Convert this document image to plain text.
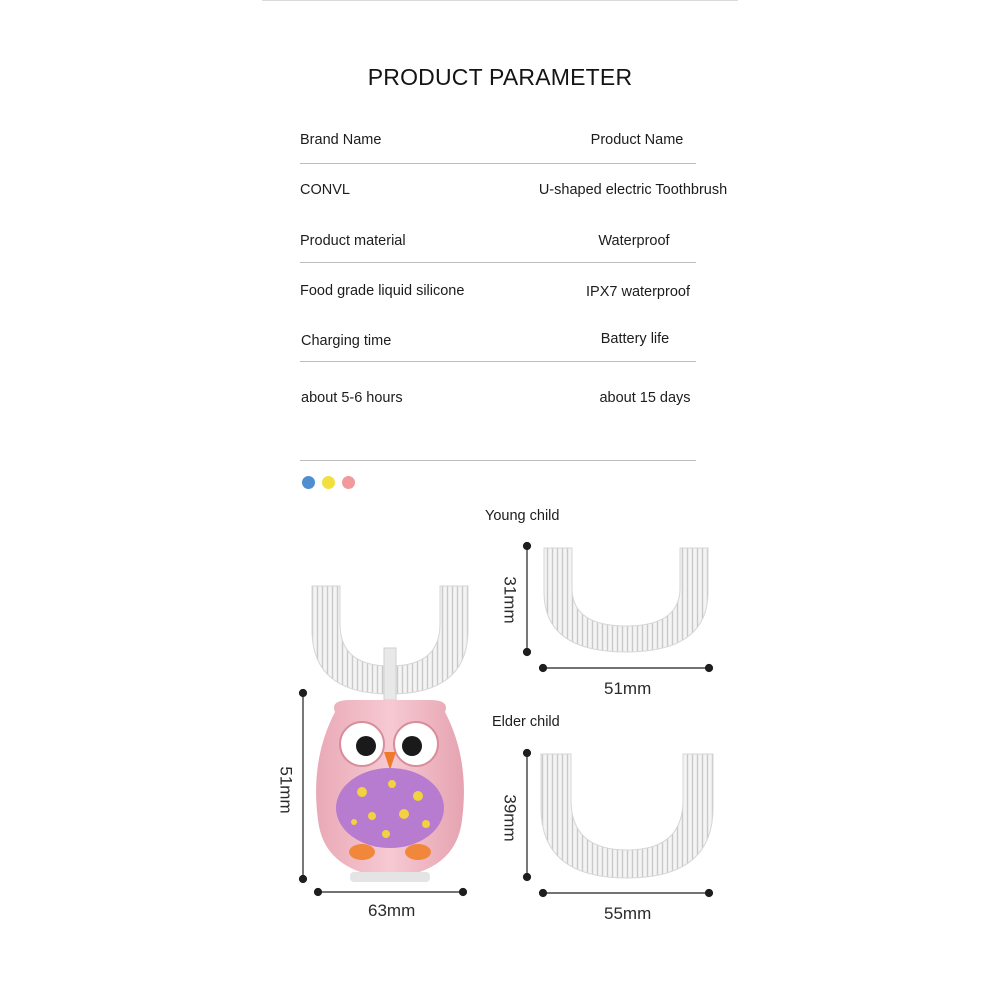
PRODUCT PARAMETER
Brand Name	Product Name
CONVL	U-shaped electric Toothbrush
Product material	Waterproof
Food grade liquid silicone	IPX7 waterproof
Charging time	Battery life
about 5-6 hours	about 15 days
Young child
Elder child
31mm
51mm
39mm
55mm
51mm
63mm
